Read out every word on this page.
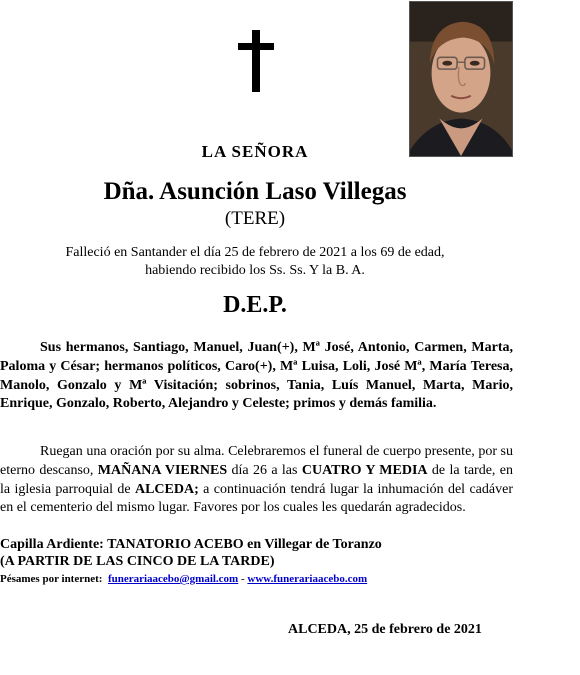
LA SEÑORA
Dña. Asunción Laso Villegas
(TERE)
Falleció en Santander el día 25 de febrero de 2021 a los 69 de edad,
habiendo recibido los Ss. Ss. Y la B. A.
D.E.P.
Sus hermanos, Santiago, Manuel, Juan(+), Mª José, Antonio, Carmen, Marta, Paloma y César; hermanos políticos, Caro(+), Mª Luisa, Loli, José Mª, María Teresa, Manolo, Gonzalo y Mª Visitación; sobrinos, Tania, Luís Manuel, Marta, Mario, Enrique, Gonzalo, Roberto, Alejandro y Celeste; primos y demás familia.
Ruegan una oración por su alma. Celebraremos el funeral de cuerpo presente, por su eterno descanso, MAÑANA VIERNES día 26 a las CUATRO Y MEDIA de la tarde, en la iglesia parroquial de ALCEDA; a continuación tendrá lugar la inhumación del cadáver en el cementerio del mismo lugar. Favores por los cuales les quedarán agradecidos.
Capilla Ardiente: TANATORIO ACEBO en Villegar de Toranzo
(A PARTIR DE LAS CINCO DE LA TARDE)
Pésames por internet: funerariaacebo@gmail.com - www.funerariaacebo.com
ALCEDA, 25 de febrero de 2021
